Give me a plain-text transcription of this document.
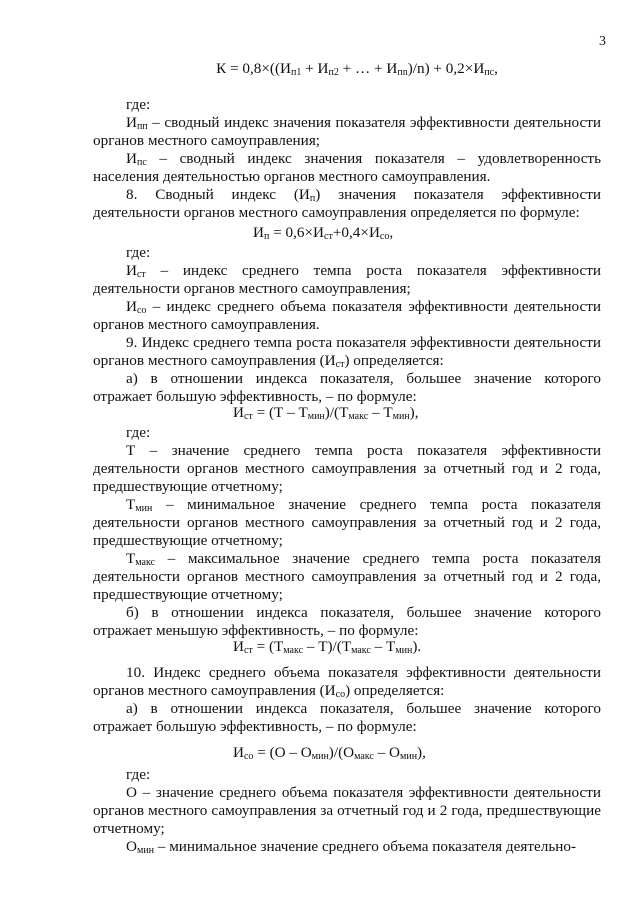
3

$К = 0,8\times((И_{п1} + И_{п2}$ + … + $И_{пn})/n) + 0,2\times И_{пс}$,

где:

$И_{пп}$ – сводный индекс значения показателя эффективности деятельности органов местного самоуправления;

$И_{пс}$ – сводный индекс значения показателя – удовлетворенность населения деятельностью органов местного самоуправления.

8. Сводный индекс $(И_п)$ значения показателя эффективности деятельности органов местного самоуправления определяется по формуле:

$И_п = 0,6\times И_{ст}+0,4\times И_{со}$,

где:

$И_{ст}$ – индекс среднего темпа роста показателя эффективности деятельности органов местного самоуправления;

$И_{со}$ – индекс среднего объема показателя эффективности деятельности органов местного самоуправления.

9. Индекс среднего темпа роста показателя эффективности деятельности органов местного самоуправления $(И_{ст})$ определяется:

а) в отношении индекса показателя, большее значение которого отражает большую эффективность, – по формуле:

$И_{ст} = (Т - Т_{мин})/(Т_{макс} - Т_{мин})$,

где:

Т – значение среднего темпа роста показателя эффективности деятельности органов местного самоуправления за отчетный год и 2 года, предшествующие отчетному;

$Т_{мин}$ – минимальное значение среднего темпа роста показателя деятельности органов местного самоуправления за отчетный год и 2 года, предшествующие отчетному;

$Т_{макс}$ – максимальное значение среднего темпа роста показателя деятельности органов местного самоуправления за отчетный год и 2 года, предшествующие отчетному;

б) в отношении индекса показателя, большее значение которого отражает меньшую эффективность, – по формуле:

$И_{ст} = (Т_{макс} - Т)/(Т_{макс} - Т_{мин})$.

10. Индекс среднего объема показателя эффективности деятельности органов местного самоуправления $(И_{со})$ определяется:

а) в отношении индекса показателя, большее значение которого отражает большую эффективность, – по формуле:

$И_{со} = (О - О_{мин})/(О_{макс} - О_{мин})$,

где:

О – значение среднего объема показателя эффективности деятельности органов местного самоуправления за отчетный год и 2 года, предшествующие отчетному;

$О_{мин}$ – минимальное значение среднего объема показателя деятельно-
